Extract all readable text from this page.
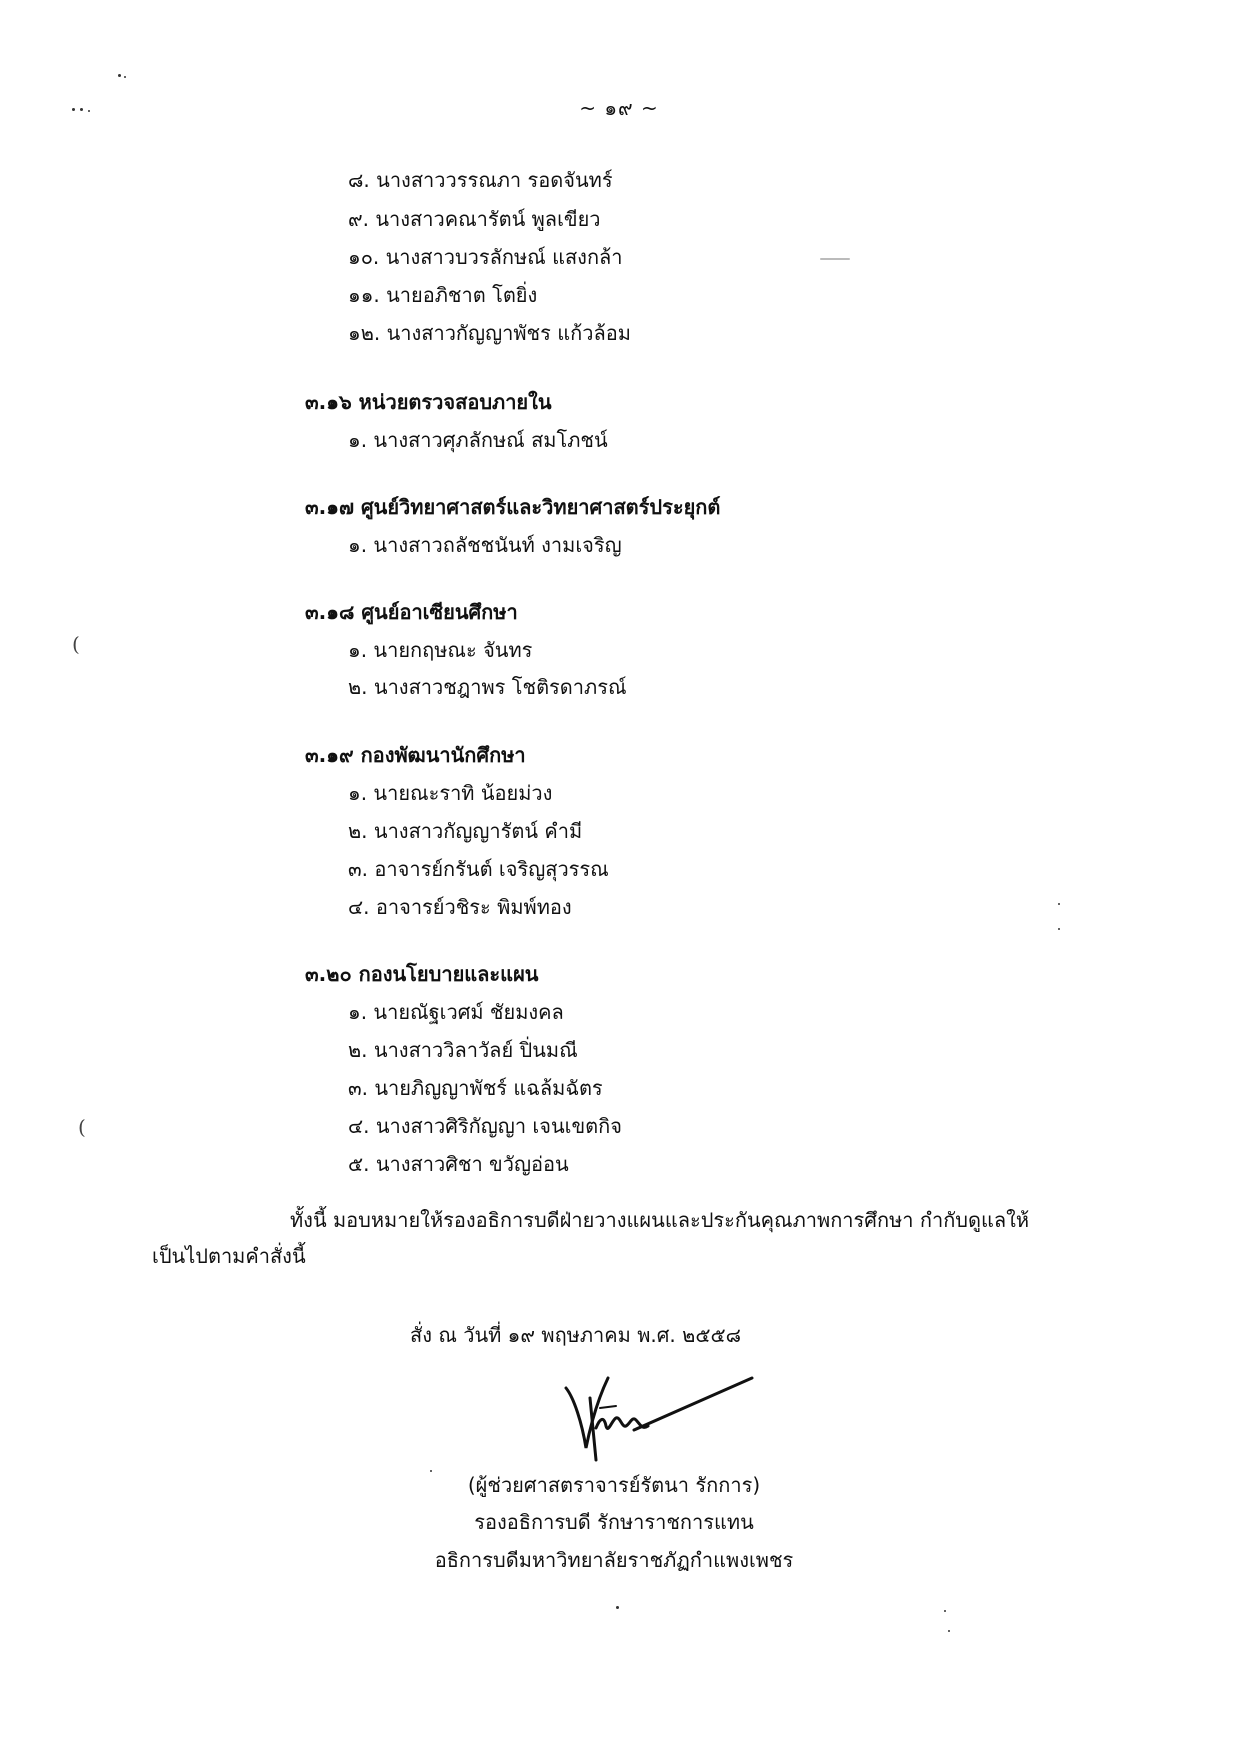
(
(
~ ๑๙ ~
๘. นางสาววรรณภา รอดจันทร์
๙. นางสาวคณารัตน์ พูลเขียว
๑๐. นางสาวบวรลักษณ์ แสงกล้า
๑๑. นายอภิชาต โตยิ่ง
๑๒. นางสาวกัญญาพัชร แก้วล้อม
๓.๑๖ หน่วยตรวจสอบภายใน
๑. นางสาวศุภลักษณ์ สมโภชน์
๓.๑๗ ศูนย์วิทยาศาสตร์และวิทยาศาสตร์ประยุกต์
๑. นางสาวถลัชชนันท์ งามเจริญ
๓.๑๘ ศูนย์อาเซียนศึกษา
๑. นายกฤษณะ จันทร
๒. นางสาวชฎาพร โชติรดาภรณ์
๓.๑๙ กองพัฒนานักศึกษา
๑. นายณะราทิ น้อยม่วง
๒. นางสาวกัญญารัตน์ คำมี
๓. อาจารย์กรันต์ เจริญสุวรรณ
๔. อาจารย์วชิระ พิมพ์ทอง
๓.๒๐ กองนโยบายและแผน
๑. นายณัฐเวศม์ ชัยมงคล
๒. นางสาววิลาวัลย์ ปิ่นมณี
๓. นายภิญญาพัชร์ แฉล้มฉัตร
๔. นางสาวศิริกัญญา เจนเขตกิจ
๕. นางสาวศิชา ขวัญอ่อน
ทั้งนี้ มอบหมายให้รองอธิการบดีฝ่ายวางแผนและประกันคุณภาพการศึกษา กำกับดูแลให้
เป็นไปตามคำสั่งนี้
สั่ง ณ วันที่ ๑๙ พฤษภาคม พ.ศ. ๒๕๕๘
(ผู้ช่วยศาสตราจารย์รัตนา รักการ)
รองอธิการบดี รักษาราชการแทน
อธิการบดีมหาวิทยาลัยราชภัฏกำแพงเพชร
